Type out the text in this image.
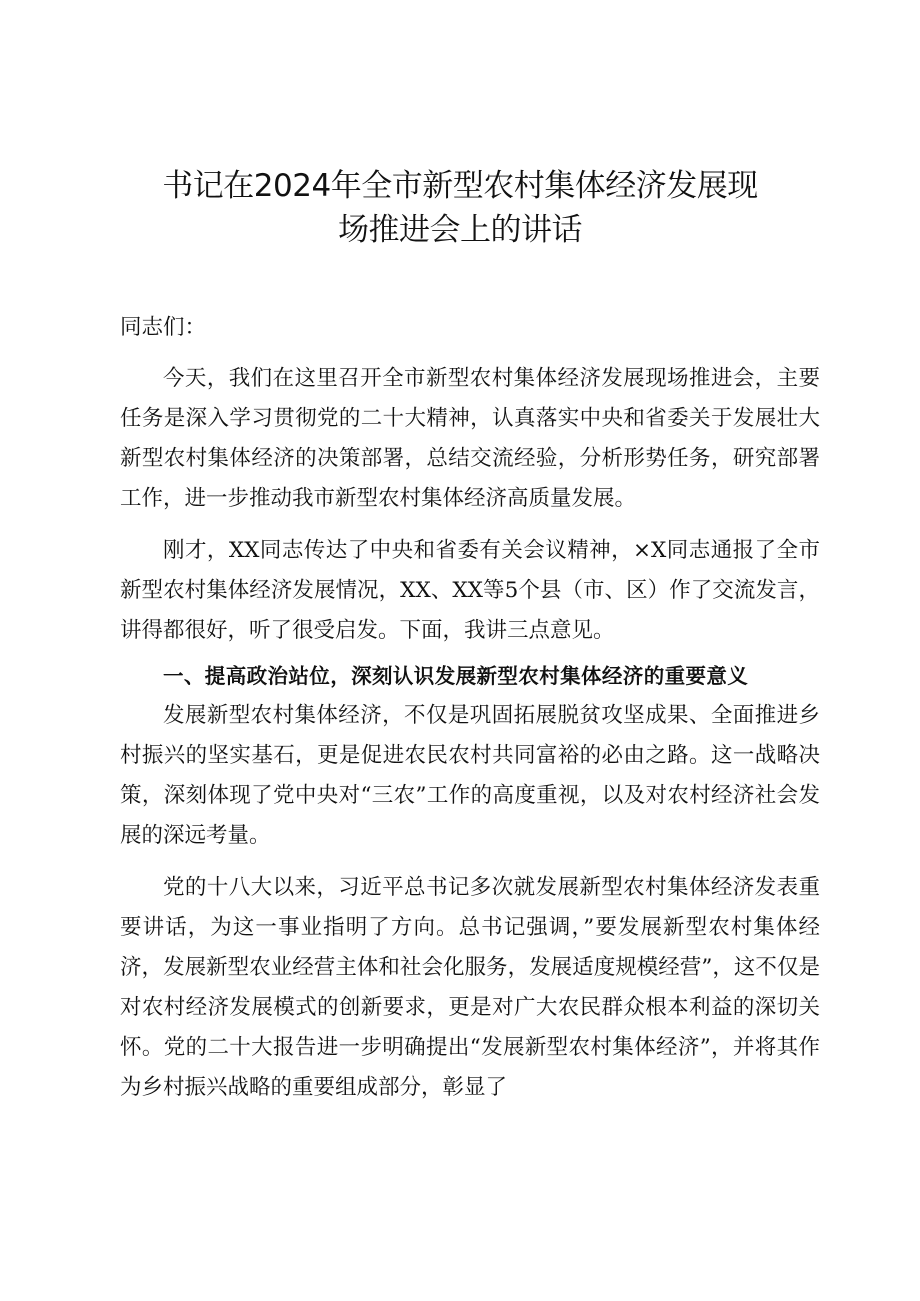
书记在2024年全市新型农村集体经济发展现
场推进会上的讲话

同志们：

今天，我们在这里召开全市新型农村集体经济发展现场推进会，主要任务是深入学习贯彻党的二十大精神，认真落实中央和省委关于发展壮大新型农村集体经济的决策部署，总结交流经验，分析形势任务，研究部署工作，进一步推动我市新型农村集体经济高质量发展。

刚才，XX同志传达了中央和省委有关会议精神，×X同志通报了全市新型农村集体经济发展情况，XX、XX等5个县（市、区）作了交流发言，讲得都很好，听了很受启发。下面，我讲三点意见。

一、提高政治站位，深刻认识发展新型农村集体经济的重要意义

发展新型农村集体经济，不仅是巩固拓展脱贫攻坚成果、全面推进乡村振兴的坚实基石，更是促进农民农村共同富裕的必由之路。这一战略决策，深刻体现了党中央对“三农”工作的高度重视，以及对农村经济社会发展的深远考量。

党的十八大以来，习近平总书记多次就发展新型农村集体经济发表重要讲话，为这一事业指明了方向。总书记强调，”要发展新型农村集体经济，发展新型农业经营主体和社会化服务，发展适度规模经营”，这不仅是对农村经济发展模式的创新要求，更是对广大农民群众根本利益的深切关怀。党的二十大报告进一步明确提出“发展新型农村集体经济”，并将其作为乡村振兴战略的重要组成部分，彰显了
